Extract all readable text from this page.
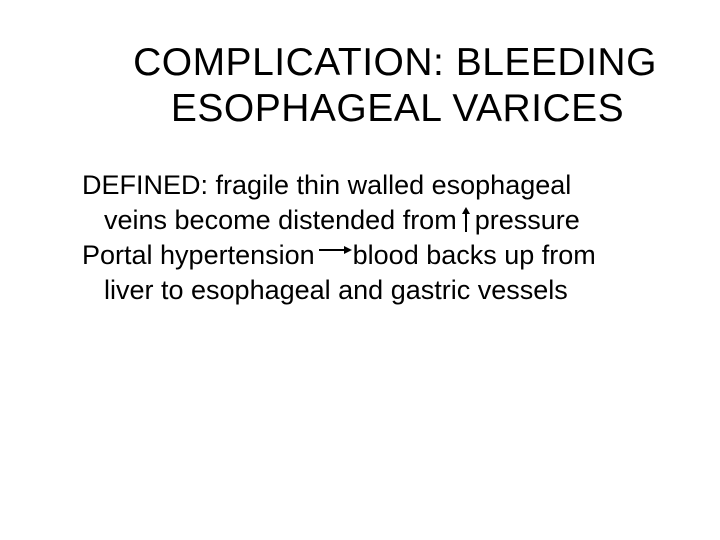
COMPLICATION: BLEEDING
ESOPHAGEAL VARICES

DEFINED: fragile thin walled esophageal
veins become distended from pressure

Portal hypertension blood backs up from
liver to esophageal and gastric vessels
